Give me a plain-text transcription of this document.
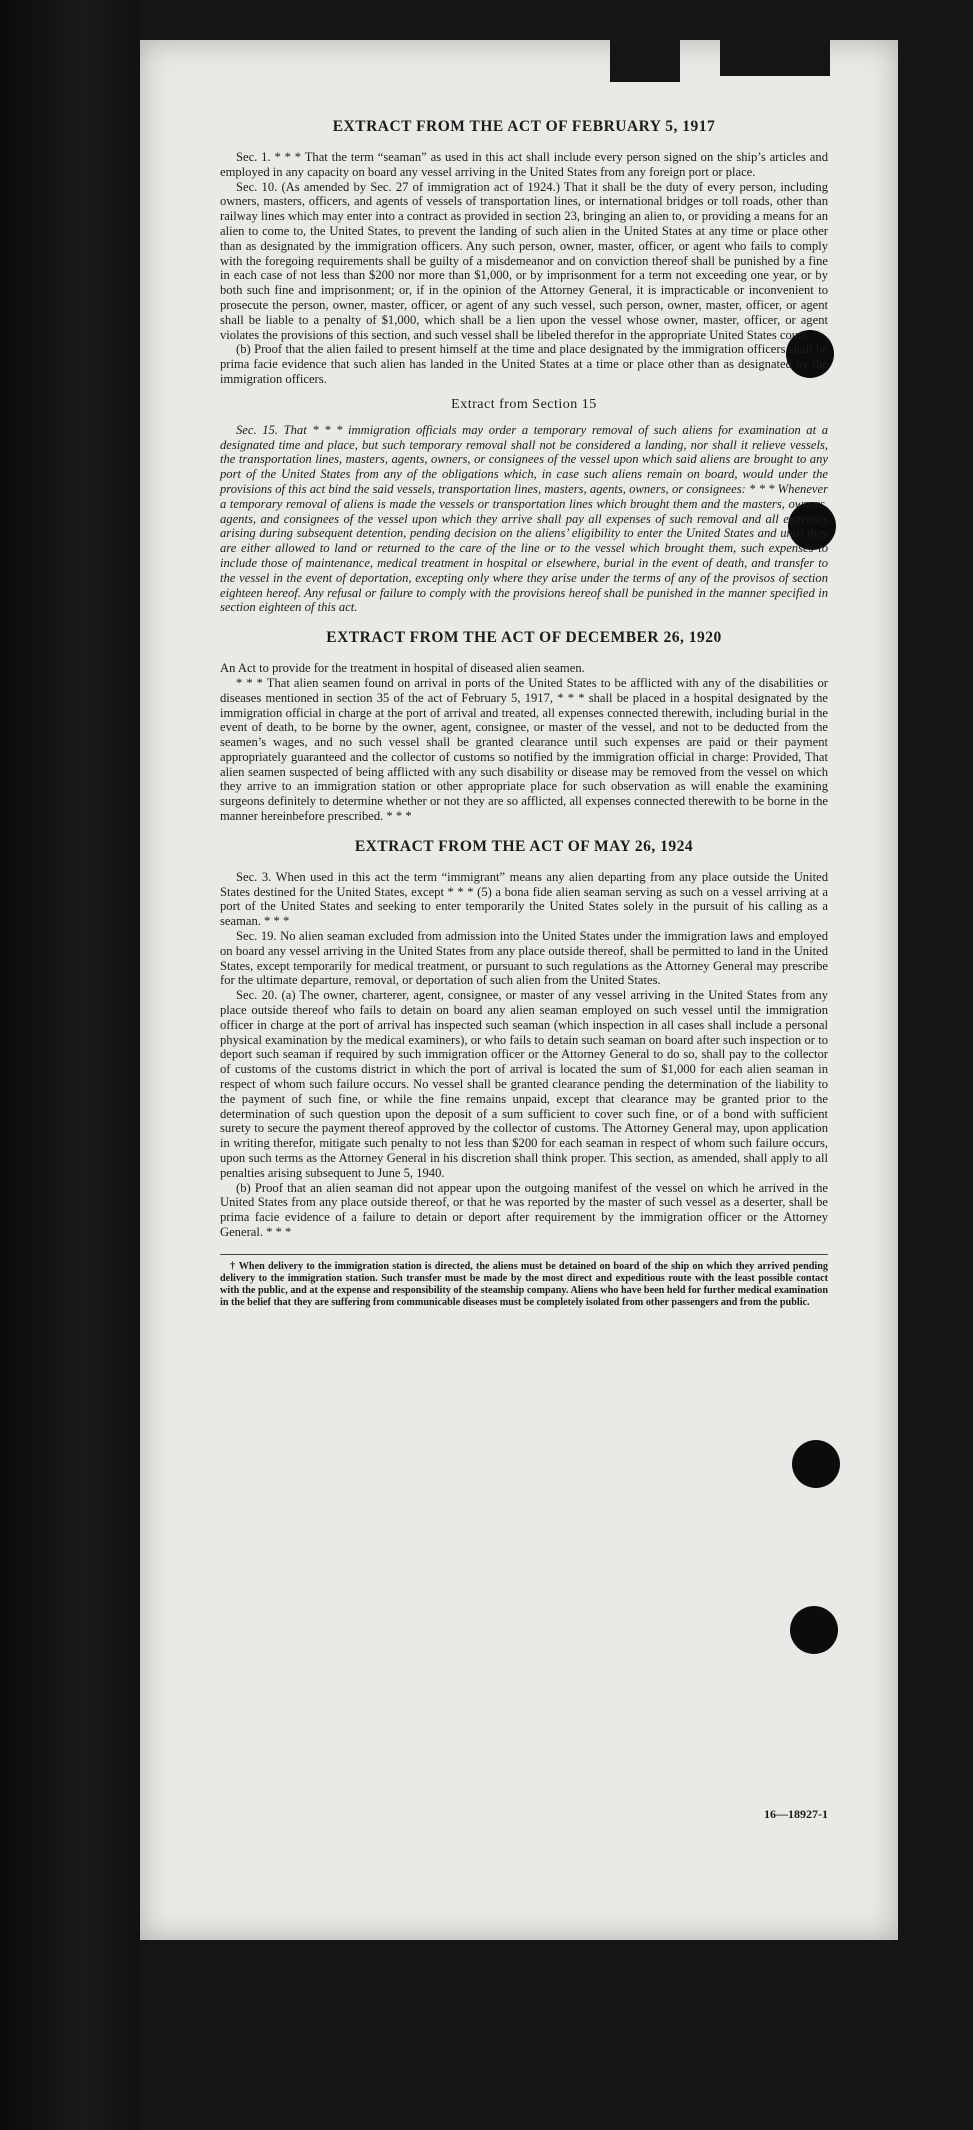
EXTRACT FROM THE ACT OF FEBRUARY 5, 1917

Sec. 1. * * * That the term “seaman” as used in this act shall include every person signed on the ship’s articles and employed in any capacity on board any vessel arriving in the United States from any foreign port or place.

Sec. 10. (As amended by Sec. 27 of immigration act of 1924.) That it shall be the duty of every person, including owners, masters, officers, and agents of vessels of transportation lines, or international bridges or toll roads, other than railway lines which may enter into a contract as provided in section 23, bringing an alien to, or providing a means for an alien to come to, the United States, to prevent the landing of such alien in the United States at any time or place other than as designated by the immigration officers. Any such person, owner, master, officer, or agent who fails to comply with the foregoing requirements shall be guilty of a misdemeanor and on conviction thereof shall be punished by a fine in each case of not less than $200 nor more than $1,000, or by imprisonment for a term not exceeding one year, or by both such fine and imprisonment; or, if in the opinion of the Attorney General, it is impracticable or inconvenient to prosecute the person, owner, master, officer, or agent of any such vessel, such person, owner, master, officer, or agent shall be liable to a penalty of $1,000, which shall be a lien upon the vessel whose owner, master, officer, or agent violates the provisions of this section, and such vessel shall be libeled therefor in the appropriate United States court.

(b) Proof that the alien failed to present himself at the time and place designated by the immigration officers shall be prima facie evidence that such alien has landed in the United States at a time or place other than as designated by the immigration officers.

Extract from Section 15

Sec. 15. That * * * immigration officials may order a temporary removal of such aliens for examination at a designated time and place, but such temporary removal shall not be considered a landing, nor shall it relieve vessels, the transportation lines, masters, agents, owners, or consignees of the vessel upon which said aliens are brought to any port of the United States from any of the obligations which, in case such aliens remain on board, would under the provisions of this act bind the said vessels, transportation lines, masters, agents, owners, or consignees: * * * Whenever a temporary removal of aliens is made the vessels or transportation lines which brought them and the masters, owners, agents, and consignees of the vessel upon which they arrive shall pay all expenses of such removal and all expenses arising during subsequent detention, pending decision on the aliens’ eligibility to enter the United States and until they are either allowed to land or returned to the care of the line or to the vessel which brought them, such expenses to include those of maintenance, medical treatment in hospital or elsewhere, burial in the event of death, and transfer to the vessel in the event of deportation, excepting only where they arise under the terms of any of the provisos of section eighteen hereof. Any refusal or failure to comply with the provisions hereof shall be punished in the manner specified in section eighteen of this act.

EXTRACT FROM THE ACT OF DECEMBER 26, 1920

An Act to provide for the treatment in hospital of diseased alien seamen.

* * * That alien seamen found on arrival in ports of the United States to be afflicted with any of the disabilities or diseases mentioned in section 35 of the act of February 5, 1917, * * * shall be placed in a hospital designated by the immigration official in charge at the port of arrival and treated, all expenses connected therewith, including burial in the event of death, to be borne by the owner, agent, consignee, or master of the vessel, and not to be deducted from the seamen’s wages, and no such vessel shall be granted clearance until such expenses are paid or their payment appropriately guaranteed and the collector of customs so notified by the immigration official in charge: Provided, That alien seamen suspected of being afflicted with any such disability or disease may be removed from the vessel on which they arrive to an immigration station or other appropriate place for such observation as will enable the examining surgeons definitely to determine whether or not they are so afflicted, all expenses connected therewith to be borne in the manner hereinbefore prescribed. * * *

EXTRACT FROM THE ACT OF MAY 26, 1924

Sec. 3. When used in this act the term “immigrant” means any alien departing from any place outside the United States destined for the United States, except * * * (5) a bona fide alien seaman serving as such on a vessel arriving at a port of the United States and seeking to enter temporarily the United States solely in the pursuit of his calling as a seaman. * * *

Sec. 19. No alien seaman excluded from admission into the United States under the immigration laws and employed on board any vessel arriving in the United States from any place outside thereof, shall be permitted to land in the United States, except temporarily for medical treatment, or pursuant to such regulations as the Attorney General may prescribe for the ultimate departure, removal, or deportation of such alien from the United States.

Sec. 20. (a) The owner, charterer, agent, consignee, or master of any vessel arriving in the United States from any place outside thereof who fails to detain on board any alien seaman employed on such vessel until the immigration officer in charge at the port of arrival has inspected such seaman (which inspection in all cases shall include a personal physical examination by the medical examiners), or who fails to detain such seaman on board after such inspection or to deport such seaman if required by such immigration officer or the Attorney General to do so, shall pay to the collector of customs of the customs district in which the port of arrival is located the sum of $1,000 for each alien seaman in respect of whom such failure occurs. No vessel shall be granted clearance pending the determination of the liability to the payment of such fine, or while the fine remains unpaid, except that clearance may be granted prior to the determination of such question upon the deposit of a sum sufficient to cover such fine, or of a bond with sufficient surety to secure the payment thereof approved by the collector of customs. The Attorney General may, upon application in writing therefor, mitigate such penalty to not less than $200 for each seaman in respect of whom such failure occurs, upon such terms as the Attorney General in his discretion shall think proper. This section, as amended, shall apply to all penalties arising subsequent to June 5, 1940.

(b) Proof that an alien seaman did not appear upon the outgoing manifest of the vessel on which he arrived in the United States from any place outside thereof, or that he was reported by the master of such vessel as a deserter, shall be prima facie evidence of a failure to detain or deport after requirement by the immigration officer or the Attorney General. * * *

† When delivery to the immigration station is directed, the aliens must be detained on board of the ship on which they arrived pending delivery to the immigration station. Such transfer must be made by the most direct and expeditious route with the least possible contact with the public, and at the expense and responsibility of the steamship company. Aliens who have been held for further medical examination in the belief that they are suffering from communicable diseases must be completely isolated from other passengers and from the public.

16—18927-1
